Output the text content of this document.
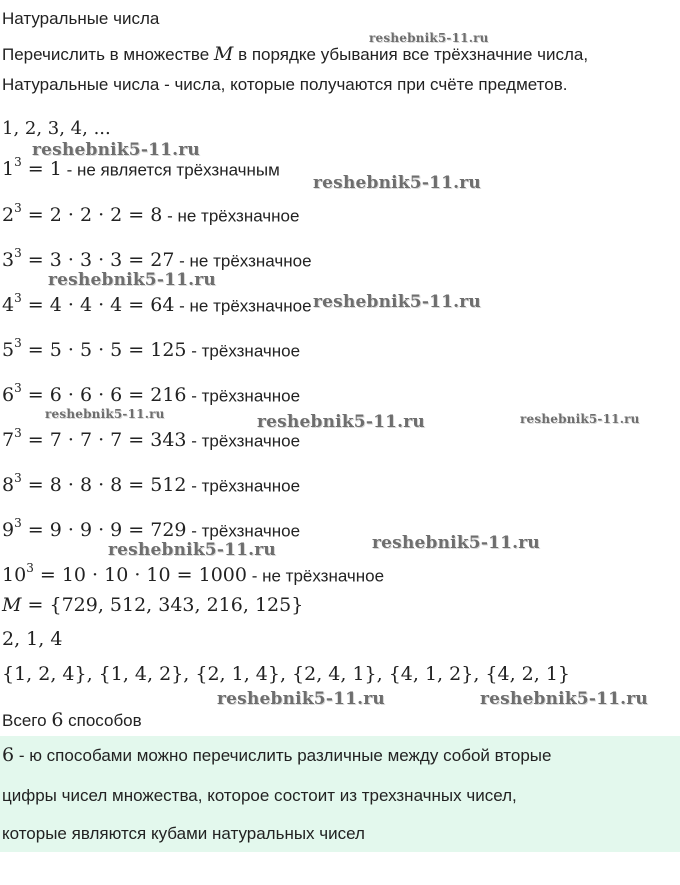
Натуральные числа
Перечислить в множестве M в порядке убывания все трёхзначние числа,
Натуральные числа - числа, которые получаются при счёте предметов.
1, 2, 3, 4, ...
$1^3 = 1$ - не является трёхзначным
$2^3 = 2 \cdot 2 \cdot 2 = 8$ - не трёхзначное
$3^3 = 3 \cdot 3 \cdot 3 = 27$ - не трёхзначное
$4^3 = 4 \cdot 4 \cdot 4 = 64$ - не трёхзначное
$5^3 = 5 \cdot 5 \cdot 5 = 125$ - трёхзначное
$6^3 = 6 \cdot 6 \cdot 6 = 216$ - трёхзначное
$7^3 = 7 \cdot 7 \cdot 7 = 343$ - трёхзначное
$8^3 = 8 \cdot 8 \cdot 8 = 512$ - трёхзначное
$9^3 = 9 \cdot 9 \cdot 9 = 729$ - трёхзначное
$10^3 = 10 \cdot 10 \cdot 10 = 1000$ - не трёхзначное
M = {729, 512, 343, 216, 125}
2, 1, 4
{1, 2, 4}, {1, 4, 2}, {2, 1, 4}, {2, 4, 1}, {4, 1, 2}, {4, 2, 1}
Всего 6 способов
6 - ю способами можно перечислить различные между собой вторые
цифры чисел множества, которое состоит из трехзначных чисел,
которые являются кубами натуральных чисел
reshebnik5-11.ru
reshebnik5-11.ru
reshebnik5-11.ru
reshebnik5-11.ru
reshebnik5-11.ru
reshebnik5-11.ru	reshebnik5-11.ru	reshebnik5-11.ru
reshebnik5-11.ru
reshebnik5-11.ru
reshebnik5-11.ru	reshebnik5-11.ru
